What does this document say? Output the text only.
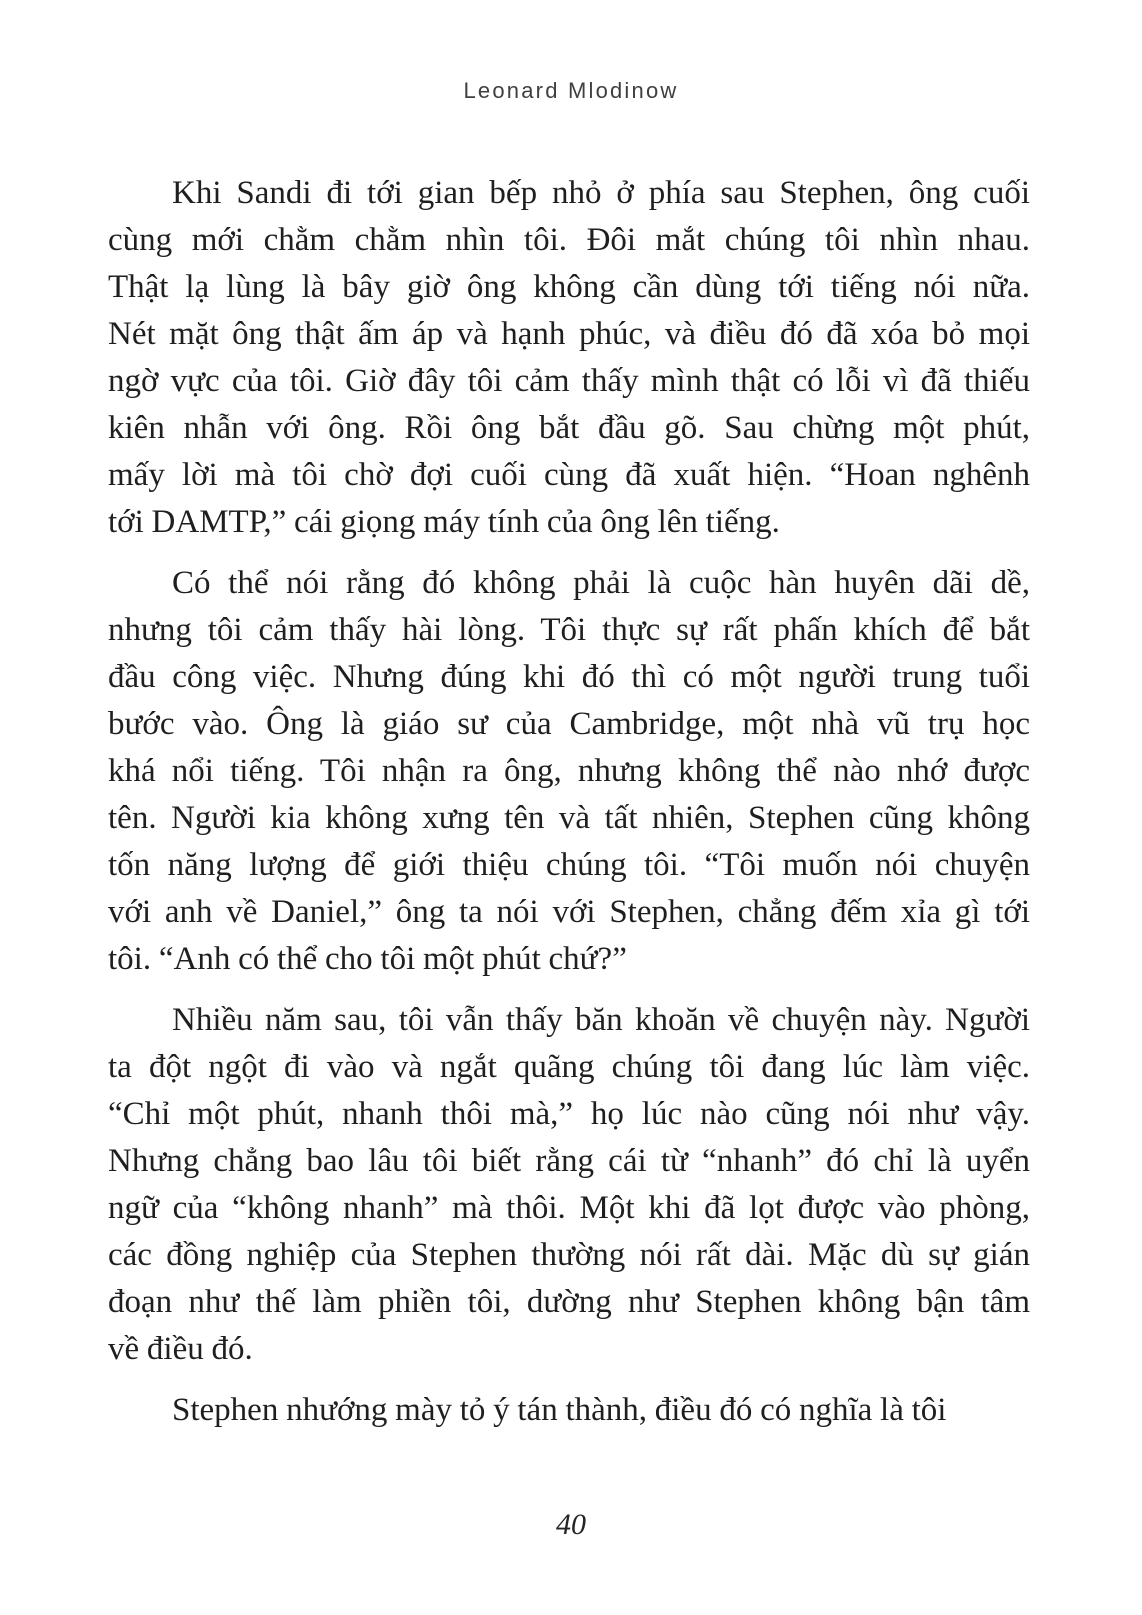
Leonard Mlodinow
Khi Sandi đi tới gian bếp nhỏ ở phía sau Stephen, ông cuối
cùng mới chằm chằm nhìn tôi. Đôi mắt chúng tôi nhìn nhau.
Thật lạ lùng là bây giờ ông không cần dùng tới tiếng nói nữa.
Nét mặt ông thật ấm áp và hạnh phúc, và điều đó đã xóa bỏ mọi
ngờ vực của tôi. Giờ đây tôi cảm thấy mình thật có lỗi vì đã thiếu
kiên nhẫn với ông. Rồi ông bắt đầu gõ. Sau chừng một phút,
mấy lời mà tôi chờ đợi cuối cùng đã xuất hiện. “Hoan nghênh
tới DAMTP,” cái giọng máy tính của ông lên tiếng.
Có thể nói rằng đó không phải là cuộc hàn huyên dãi dề,
nhưng tôi cảm thấy hài lòng. Tôi thực sự rất phấn khích để bắt
đầu công việc. Nhưng đúng khi đó thì có một người trung tuổi
bước vào. Ông là giáo sư của Cambridge, một nhà vũ trụ học
khá nổi tiếng. Tôi nhận ra ông, nhưng không thể nào nhớ được
tên. Người kia không xưng tên và tất nhiên, Stephen cũng không
tốn năng lượng để giới thiệu chúng tôi. “Tôi muốn nói chuyện
với anh về Daniel,” ông ta nói với Stephen, chẳng đếm xỉa gì tới
tôi. “Anh có thể cho tôi một phút chứ?”
Nhiều năm sau, tôi vẫn thấy băn khoăn về chuyện này. Người
ta đột ngột đi vào và ngắt quãng chúng tôi đang lúc làm việc.
“Chỉ một phút, nhanh thôi mà,” họ lúc nào cũng nói như vậy.
Nhưng chẳng bao lâu tôi biết rằng cái từ “nhanh” đó chỉ là uyển
ngữ của “không nhanh” mà thôi. Một khi đã lọt được vào phòng,
các đồng nghiệp của Stephen thường nói rất dài. Mặc dù sự gián
đoạn như thế làm phiền tôi, dường như Stephen không bận tâm
về điều đó.
Stephen nhướng mày tỏ ý tán thành, điều đó có nghĩa là tôi
40
